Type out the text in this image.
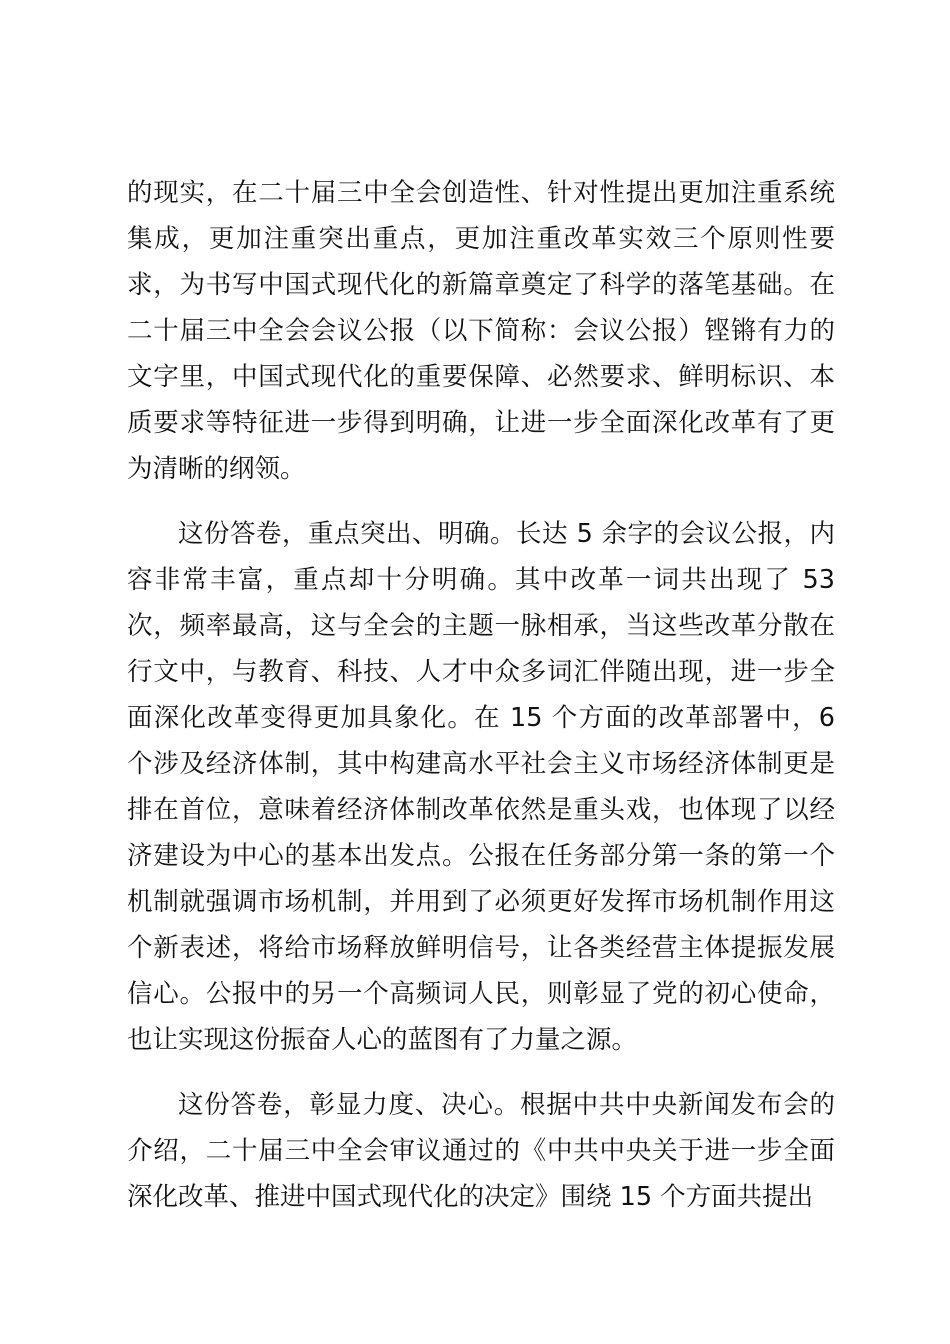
的现实，在二十届三中全会创造性、针对性提出更加注重系统集成，更加注重突出重点，更加注重改革实效三个原则性要求，为书写中国式现代化的新篇章奠定了科学的落笔基础。在二十届三中全会会议公报（以下简称：会议公报）铿锵有力的文字里，中国式现代化的重要保障、必然要求、鲜明标识、本质要求等特征进一步得到明确，让进一步全面深化改革有了更为清晰的纲领。

这份答卷，重点突出、明确。长达 5 余字的会议公报，内容非常丰富，重点却十分明确。其中改革一词共出现了 53 次，频率最高，这与全会的主题一脉相承，当这些改革分散在行文中，与教育、科技、人才中众多词汇伴随出现，进一步全面深化改革变得更加具象化。在 15 个方面的改革部署中，6 个涉及经济体制，其中构建高水平社会主义市场经济体制更是排在首位，意味着经济体制改革依然是重头戏，也体现了以经济建设为中心的基本出发点。公报在任务部分第一条的第一个机制就强调市场机制，并用到了必须更好发挥市场机制作用这个新表述，将给市场释放鲜明信号，让各类经营主体提振发展信心。公报中的另一个高频词人民，则彰显了党的初心使命，也让实现这份振奋人心的蓝图有了力量之源。

这份答卷，彰显力度、决心。根据中共中央新闻发布会的介绍，二十届三中全会审议通过的《中共中央关于进一步全面深化改革、推进中国式现代化的决定》围绕 15 个方面共提出
